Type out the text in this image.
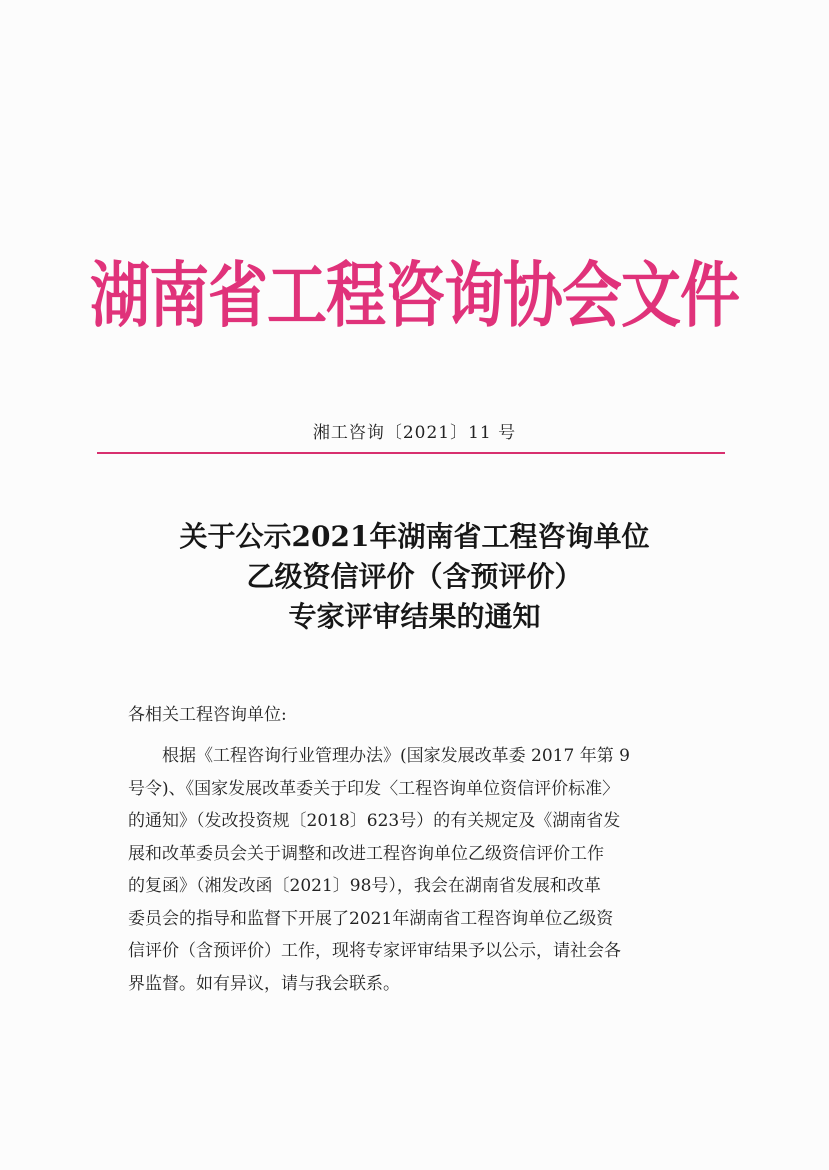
湖南省工程咨询协会文件
湘工咨询〔2021〕11 号
关于公示2021年湖南省工程咨询单位
乙级资信评价（含预评价）
专家评审结果的通知
各相关工程咨询单位:
根据《工程咨询行业管理办法》(国家发展改革委 2017 年第 9
号令)、《国家发展改革委关于印发〈工程咨询单位资信评价标准〉
的通知》（发改投资规〔2018〕623号）的有关规定及《湖南省发
展和改革委员会关于调整和改进工程咨询单位乙级资信评价工作
的复函》（湘发改函〔2021〕98号），我会在湖南省发展和改革
委员会的指导和监督下开展了2021年湖南省工程咨询单位乙级资
信评价（含预评价）工作，现将专家评审结果予以公示，请社会各
界监督。如有异议，请与我会联系。
